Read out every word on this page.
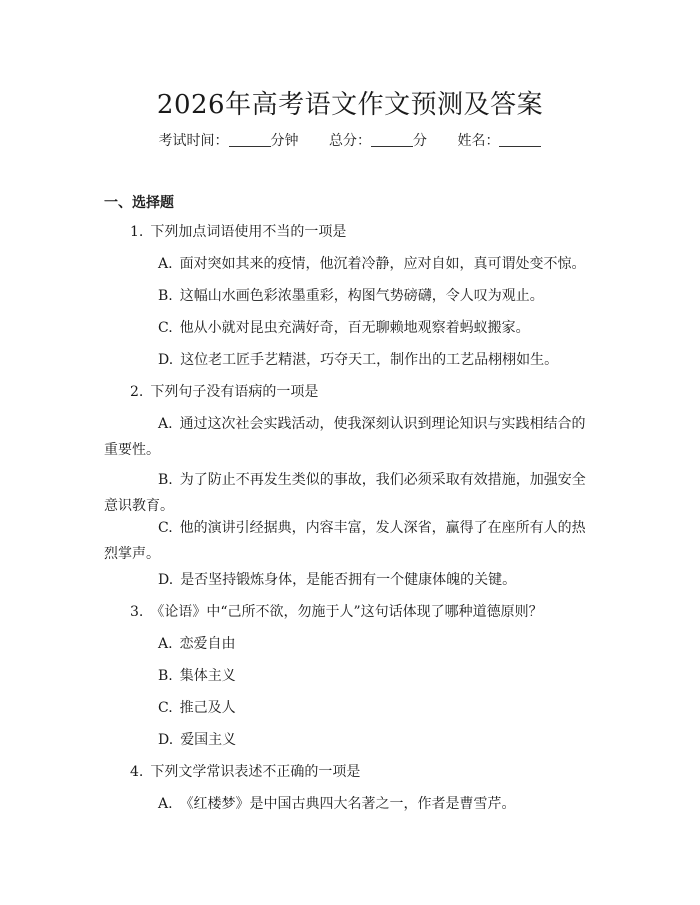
2026年高考语文作文预测及答案
考试时间：	分钟 总分：	分 姓名：
一、选择题
1. 下列加点词语使用不当的一项是
A. 面对突如其来的疫情，他沉着冷静，应对自如，真可谓处变不惊。
B. 这幅山水画色彩浓墨重彩，构图气势磅礴，令人叹为观止。
C. 他从小就对昆虫充满好奇，百无聊赖地观察着蚂蚁搬家。
D. 这位老工匠手艺精湛，巧夺天工，制作出的工艺品栩栩如生。
2. 下列句子没有语病的一项是
A. 通过这次社会实践活动，使我深刻认识到理论知识与实践相结合的重要性。
B. 为了防止不再发生类似的事故，我们必须采取有效措施，加强安全意识教育。
C. 他的演讲引经据典，内容丰富，发人深省，赢得了在座所有人的热烈掌声。
D. 是否坚持锻炼身体，是能否拥有一个健康体魄的关键。
3. 《论语》中“己所不欲，勿施于人”这句话体现了哪种道德原则？
A. 恋爱自由
B. 集体主义
C. 推己及人
D. 爱国主义
4. 下列文学常识表述不正确的一项是
A. 《红楼梦》是中国古典四大名著之一，作者是曹雪芹。
